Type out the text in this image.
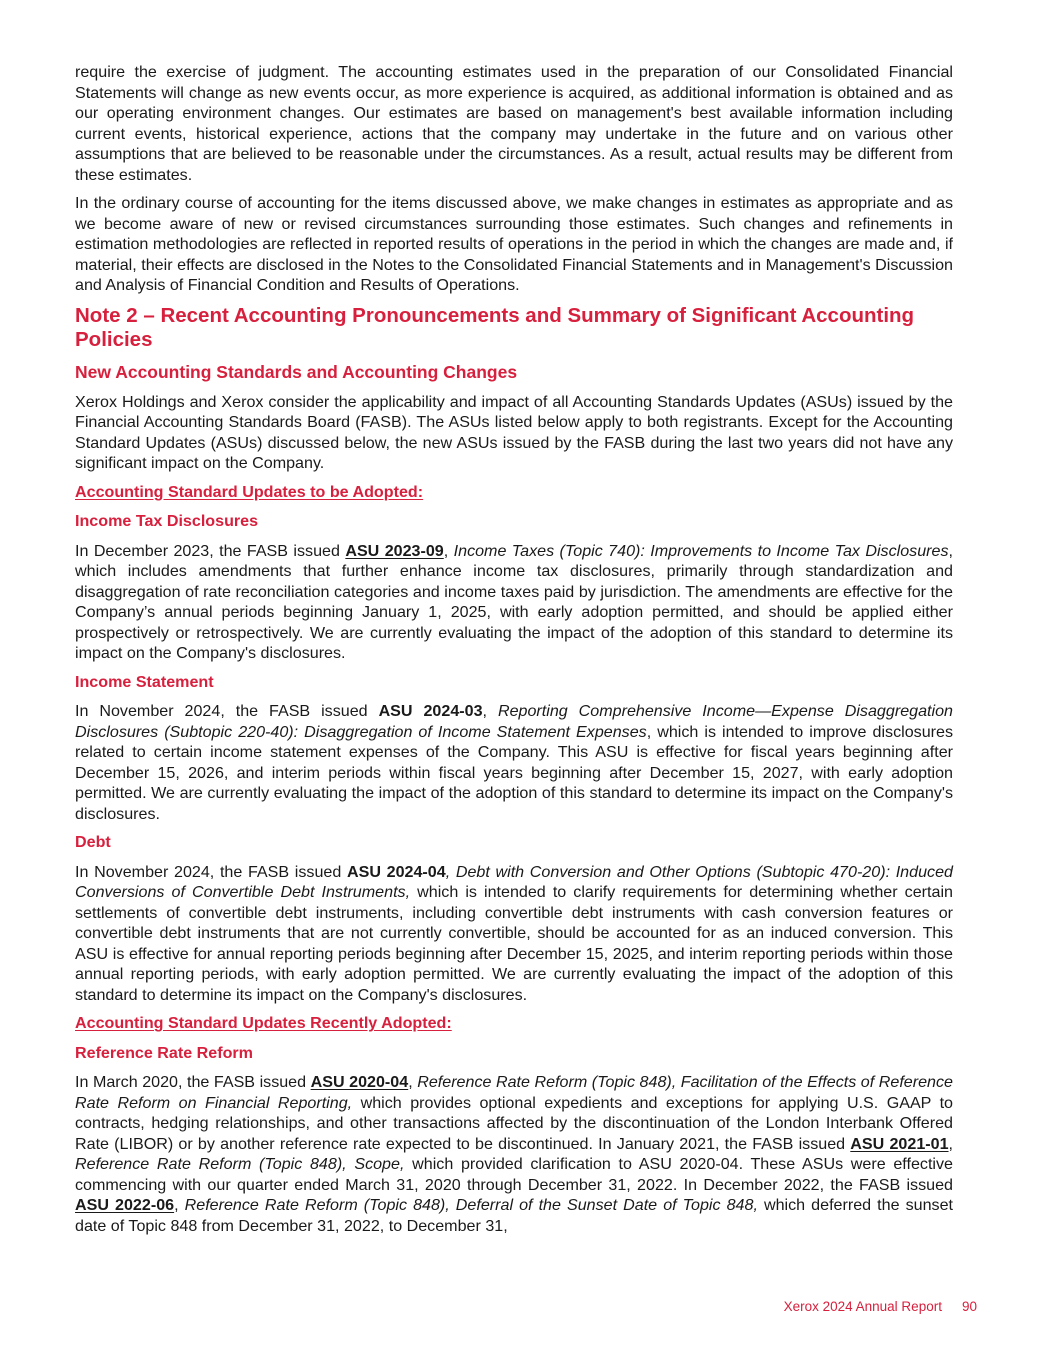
require the exercise of judgment. The accounting estimates used in the preparation of our Consolidated Financial Statements will change as new events occur, as more experience is acquired, as additional information is obtained and as our operating environment changes. Our estimates are based on management's best available information including current events, historical experience, actions that the company may undertake in the future and on various other assumptions that are believed to be reasonable under the circumstances. As a result, actual results may be different from these estimates.

In the ordinary course of accounting for the items discussed above, we make changes in estimates as appropriate and as we become aware of new or revised circumstances surrounding those estimates. Such changes and refinements in estimation methodologies are reflected in reported results of operations in the period in which the changes are made and, if material, their effects are disclosed in the Notes to the Consolidated Financial Statements and in Management's Discussion and Analysis of Financial Condition and Results of Operations.

Note 2 – Recent Accounting Pronouncements and Summary of Significant Accounting Policies
New Accounting Standards and Accounting Changes

Xerox Holdings and Xerox consider the applicability and impact of all Accounting Standards Updates (ASUs) issued by the Financial Accounting Standards Board (FASB). The ASUs listed below apply to both registrants. Except for the Accounting Standard Updates (ASUs) discussed below, the new ASUs issued by the FASB during the last two years did not have any significant impact on the Company.

Accounting Standard Updates to be Adopted:
Income Tax Disclosures

In December 2023, the FASB issued ASU 2023-09, Income Taxes (Topic 740): Improvements to Income Tax Disclosures, which includes amendments that further enhance income tax disclosures, primarily through standardization and disaggregation of rate reconciliation categories and income taxes paid by jurisdiction. The amendments are effective for the Company’s annual periods beginning January 1, 2025, with early adoption permitted, and should be applied either prospectively or retrospectively. We are currently evaluating the impact of the adoption of this standard to determine its impact on the Company's disclosures.

Income Statement

In November 2024, the FASB issued ASU 2024-03, Reporting Comprehensive Income—Expense Disaggregation Disclosures (Subtopic 220-40): Disaggregation of Income Statement Expenses, which is intended to improve disclosures related to certain income statement expenses of the Company. This ASU is effective for fiscal years beginning after December 15, 2026, and interim periods within fiscal years beginning after December 15, 2027, with early adoption permitted. We are currently evaluating the impact of the adoption of this standard to determine its impact on the Company's disclosures.

Debt

In November 2024, the FASB issued ASU 2024-04, Debt with Conversion and Other Options (Subtopic 470-20): Induced Conversions of Convertible Debt Instruments, which is intended to clarify requirements for determining whether certain settlements of convertible debt instruments, including convertible debt instruments with cash conversion features or convertible debt instruments that are not currently convertible, should be accounted for as an induced conversion. This ASU is effective for annual reporting periods beginning after December 15, 2025, and interim reporting periods within those annual reporting periods, with early adoption permitted. We are currently evaluating the impact of the adoption of this standard to determine its impact on the Company's disclosures.

Accounting Standard Updates Recently Adopted:
Reference Rate Reform

In March 2020, the FASB issued ASU 2020-04, Reference Rate Reform (Topic 848), Facilitation of the Effects of Reference Rate Reform on Financial Reporting, which provides optional expedients and exceptions for applying U.S. GAAP to contracts, hedging relationships, and other transactions affected by the discontinuation of the London Interbank Offered Rate (LIBOR) or by another reference rate expected to be discontinued. In January 2021, the FASB issued ASU 2021-01, Reference Rate Reform (Topic 848), Scope, which provided clarification to ASU 2020-04. These ASUs were effective commencing with our quarter ended March 31, 2020 through December 31, 2022. In December 2022, the FASB issued ASU 2022-06, Reference Rate Reform (Topic 848), Deferral of the Sunset Date of Topic 848, which deferred the sunset date of Topic 848 from December 31, 2022, to December 31,

Xerox 2024 Annual Report 90
